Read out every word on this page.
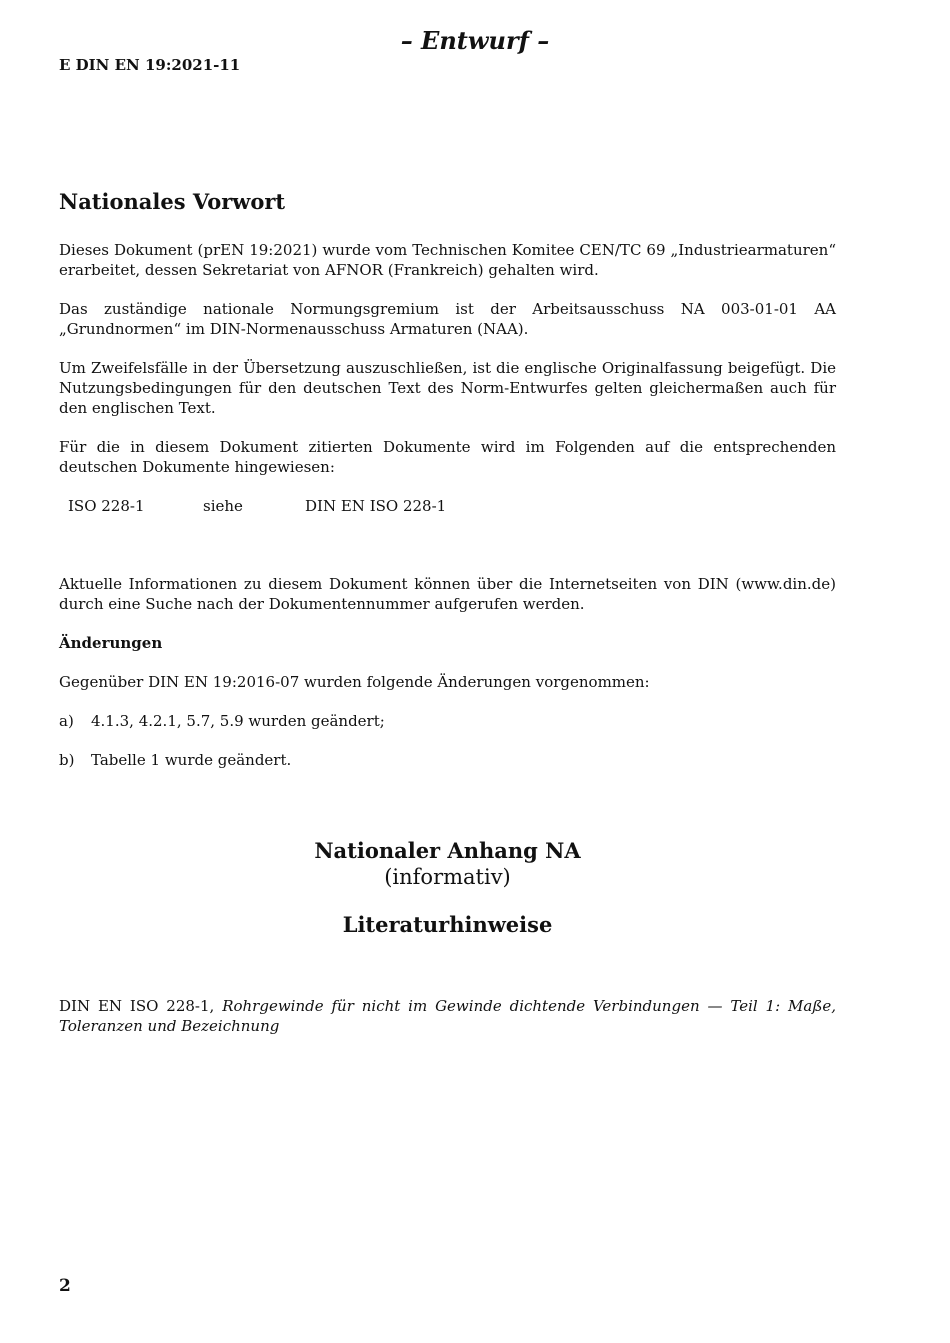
– Entwurf –
E DIN EN 19:2021-11
Nationales Vorwort

Dieses Dokument (prEN 19:2021) wurde vom Technischen Komitee CEN/TC 69 „Industriearmaturen“ erarbeitet, dessen Sekretariat von AFNOR (Frankreich) gehalten wird.

Das zuständige nationale Normungsgremium ist der Arbeitsausschuss NA 003-01-01 AA „Grundnormen“ im DIN-Normenausschuss Armaturen (NAA).

Um Zweifelsfälle in der Übersetzung auszuschließen, ist die englische Originalfassung beigefügt. Die Nutzungsbedingungen für den deutschen Text des Norm-Entwurfes gelten gleichermaßen auch für den englischen Text.

Für die in diesem Dokument zitierten Dokumente wird im Folgenden auf die entsprechenden deutschen Dokumente hingewiesen:

ISO 228-1	siehe	DIN EN ISO 228-1

Aktuelle Informationen zu diesem Dokument können über die Internetseiten von DIN (www.din.de) durch eine Suche nach der Dokumentennummer aufgerufen werden.

Änderungen

Gegenüber DIN EN 19:2016-07 wurden folgende Änderungen vorgenommen:

a)	4.1.3, 4.2.1, 5.7, 5.9 wurden geändert;
b)	Tabelle 1 wurde geändert.
Nationaler Anhang NA
(informativ)
Literaturhinweise

DIN EN ISO 228-1, Rohrgewinde für nicht im Gewinde dichtende Verbindungen — Teil 1: Maße, Toleranzen und Bezeichnung

2
